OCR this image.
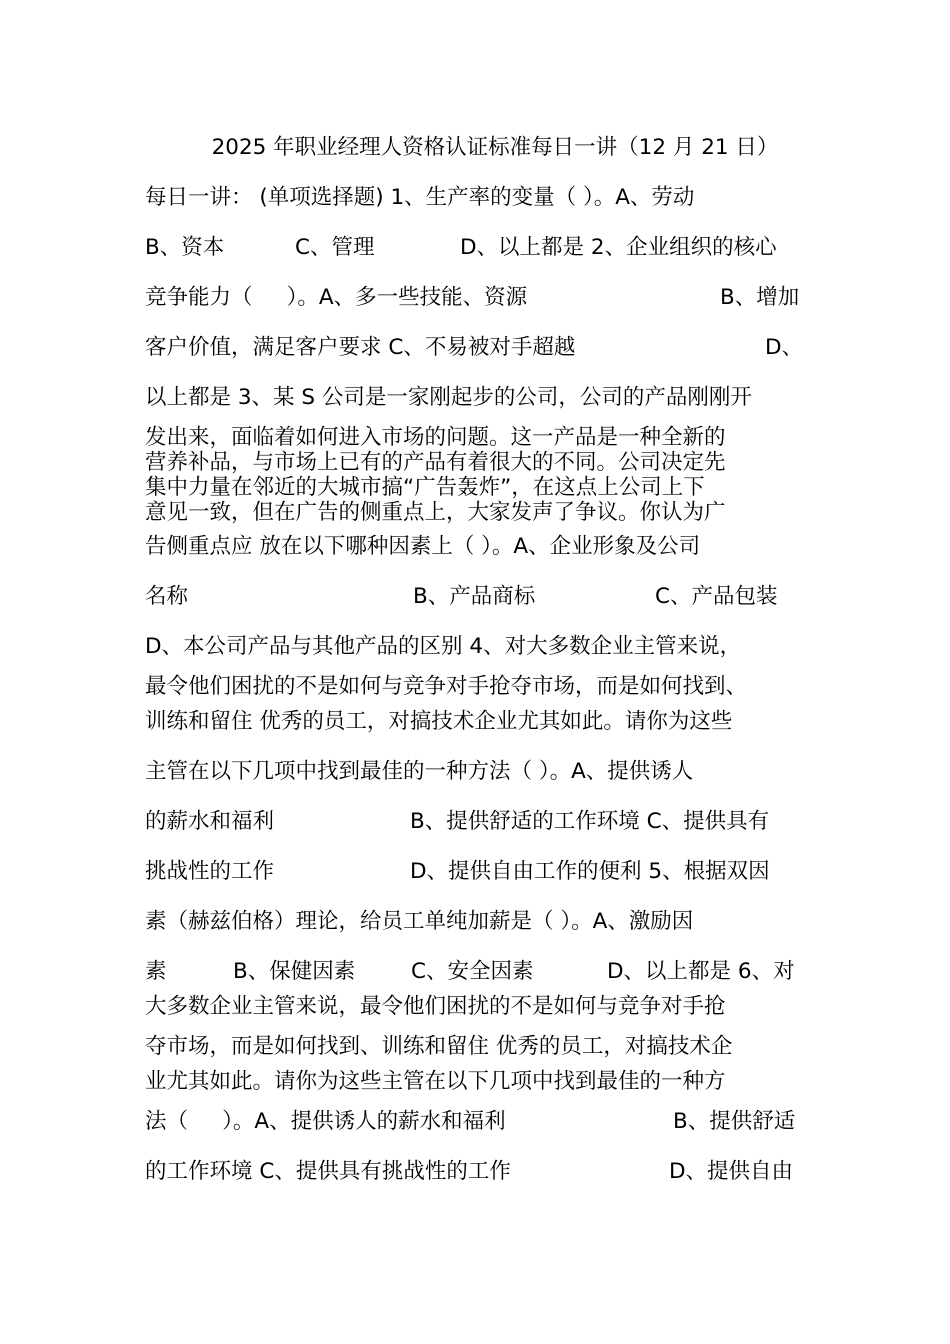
2025 年职业经理人资格认证标准每日一讲（12 月 21 日）
每日一讲： (单项选择题) 1、生产率的变量（ ）。A、劳动
B、资本	C、管理	D、以上都是 2、企业组织的核心
竞争能力（     ）。A、多一些技能、资源	B、增加
客户价值，满足客户要求 C、不易被对手超越	D、
以上都是 3、某 S 公司是一家刚起步的公司，公司的产品刚刚开
发出来，面临着如何进入市场的问题。这一产品是一种全新的
营养补品，与市场上已有的产品有着很大的不同。公司决定先
集中力量在邻近的大城市搞“广告轰炸”，在这点上公司上下
意见一致，但在广告的侧重点上，大家发声了争议。你认为广
告侧重点应 放在以下哪种因素上（ ）。A、企业形象及公司
名称	B、产品商标	C、产品包装
D、本公司产品与其他产品的区别 4、对大多数企业主管来说，
最令他们困扰的不是如何与竞争对手抢夺市场，而是如何找到、
训练和留住 优秀的员工，对搞技术企业尤其如此。请你为这些
主管在以下几项中找到最佳的一种方法（ ）。A、提供诱人
的薪水和福利	B、提供舒适的工作环境 C、提供具有
挑战性的工作	D、提供自由工作的便利 5、根据双因
素（赫兹伯格）理论，给员工单纯加薪是（ ）。A、激励因
素	B、保健因素	C、安全因素	D、以上都是 6、对
大多数企业主管来说，最令他们困扰的不是如何与竞争对手抢
夺市场，而是如何找到、训练和留住 优秀的员工，对搞技术企
业尤其如此。请你为这些主管在以下几项中找到最佳的一种方
法（     ）。A、提供诱人的薪水和福利	B、提供舒适
的工作环境 C、提供具有挑战性的工作	D、提供自由
